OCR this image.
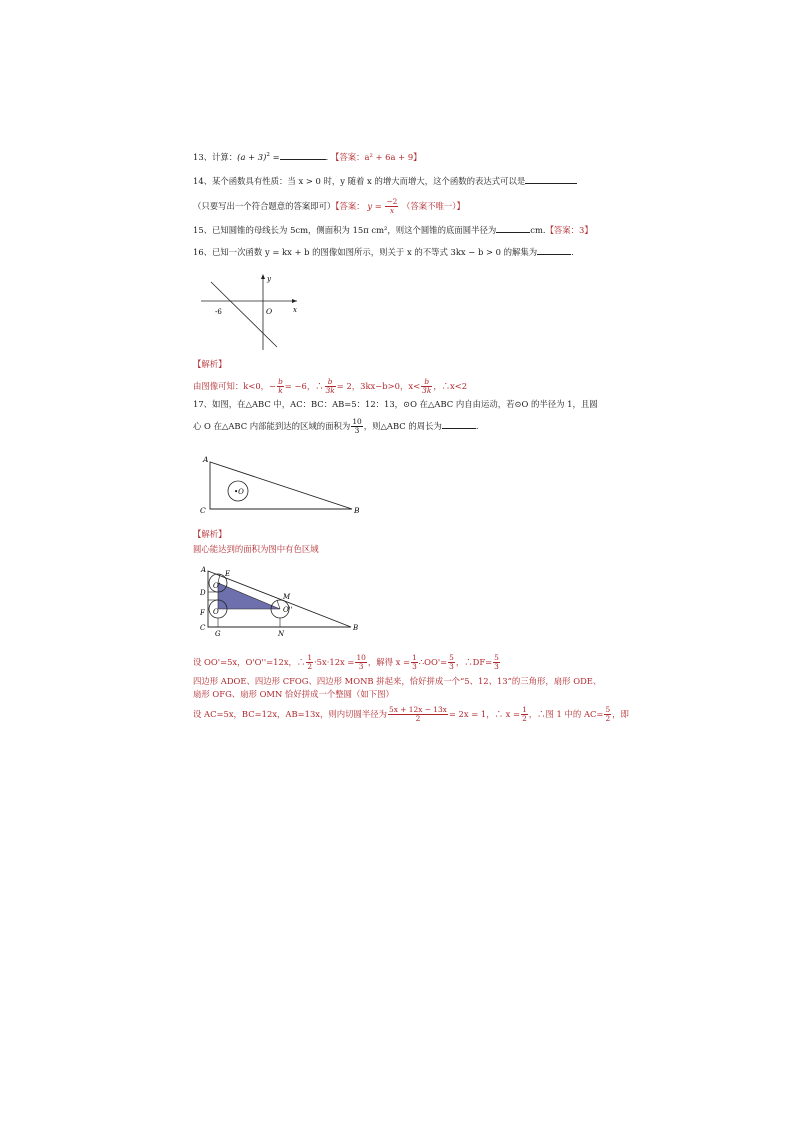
13、计算：$(a + 3)^2$ =	. 【答案：a² + 6a + 9】
14、某个函数具有性质：当 x > 0 时，y 随着 x 的增大而增大，这个函数的表达式可以是
（只要写出一个符合题意的答案即可）【答案： $y = \frac{-2}{x}$ （答案不唯一）】
15、已知圆锥的母线长为 5cm，侧面积为 15π cm²，则这个圆锥的底面圆半径为	cm.【答案：3】
16、已知一次函数 y = kx + b 的图像如图所示，则关于 x 的不等式 3kx − b > 0 的解集为	.
y
x
O
-6
【解析】
由图像可知：k<0，− $\frac{b}{k} = -6$，∴ $\frac{b}{3k} = 2$，3kx−b>0，$x< \frac{b}{3k}$ ，∴x<2
17、如图，在△ABC 中，AC：BC：AB=5：12：13，⊙O 在△ABC 内自由运动，若⊙O 的半径为 1，且圆
心 O 在△ABC 内部能到达的区域的面积为 $\frac{10}{3}$ ，则△ABC 的周长为	.
A
C	B
•O
【解析】
圆心能达到的面积为图中有色区域
A	E
D
F
C
G	N
M
B
O'
O	O''
设 OO'=5x，O'O''=12x，∴ $\frac{1}{2} \cdot 5x\cdot 12x = \frac{10}{3}$ ，解得 $x = \frac{1}{3}$ ∴OO'= $\frac{5}{3}$ ，∴DF= $\frac{5}{3}$
四边形 ADOE、四边形 CFOG、四边形 MONB 拼起来，恰好拼成一个“5、12、13”的三角形，扇形 ODE、
扇形 OFG、扇形 OMN 恰好拼成一个整圆（如下图）
设 AC=5x，BC=12x，AB=13x，则内切圆半径为 $\frac{5x + 12x - 13x}{2} = 2x = 1$，∴ $x = \frac{1}{2}$ ，∴图 1 中的 $AC= \frac{5}{2}$ ，即
